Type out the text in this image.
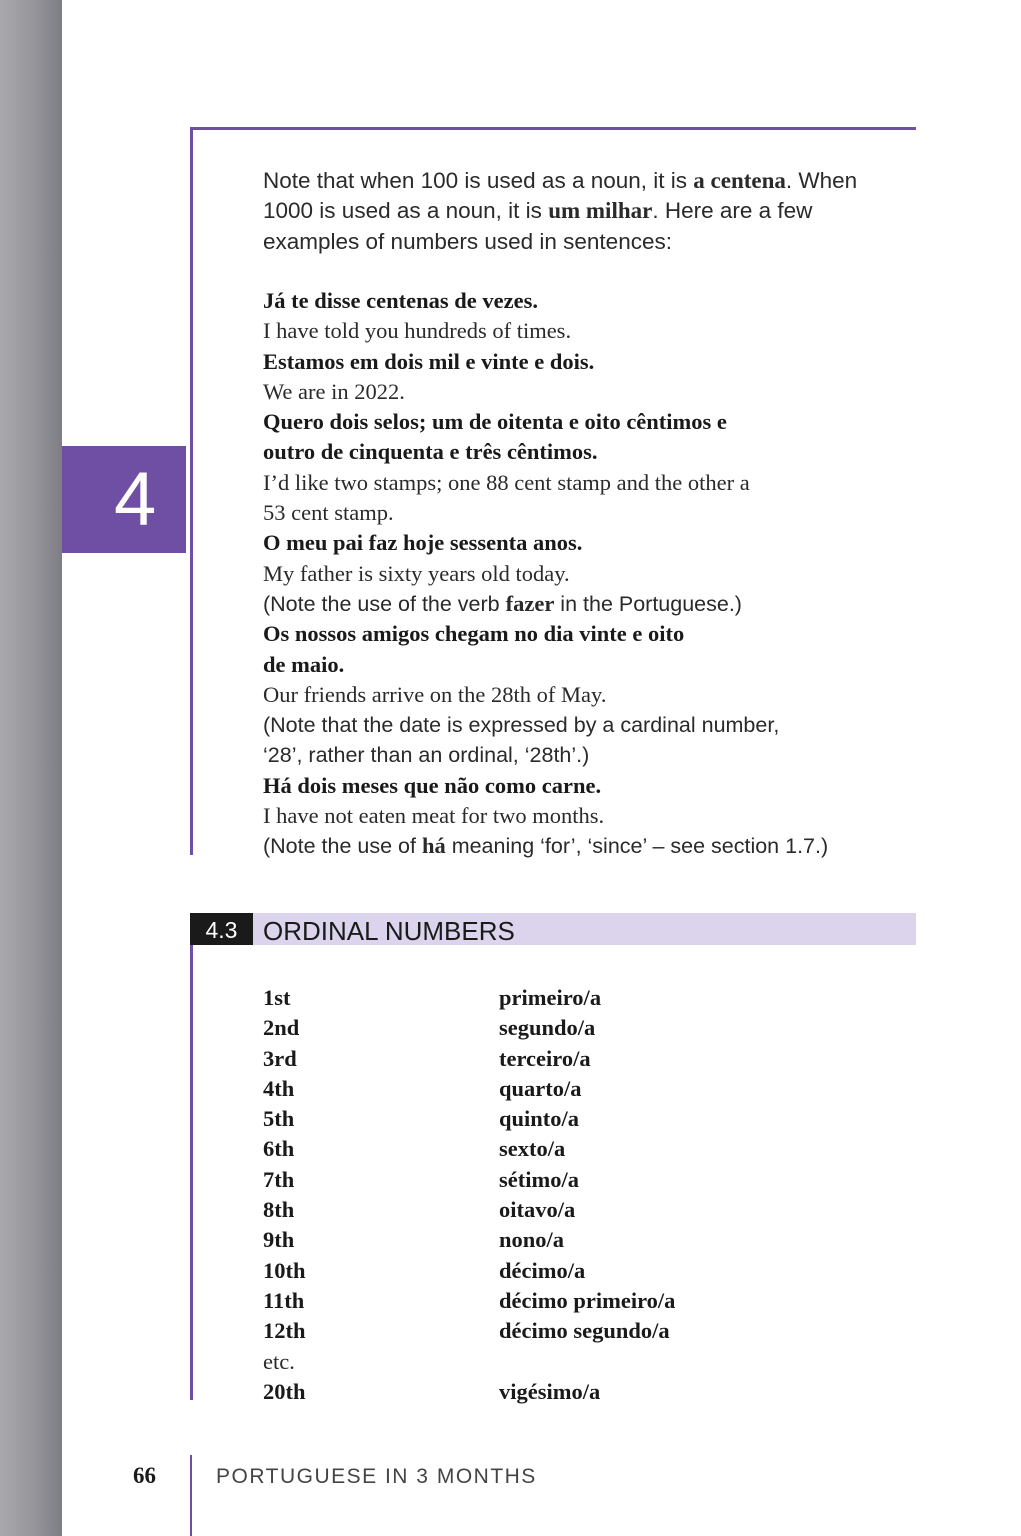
4

Note that when 100 is used as a noun, it is a centena. When 1000 is used as a noun, it is um milhar. Here are a few examples of numbers used in sentences:

Já te disse centenas de vezes.

I have told you hundreds of times.

Estamos em dois mil e vinte e dois.

We are in 2022.

Quero dois selos; um de oitenta e oito cêntimos e

outro de cinquenta e três cêntimos.

I’d like two stamps; one 88 cent stamp and the other a

53 cent stamp.

O meu pai faz hoje sessenta anos.

My father is sixty years old today.

(Note the use of the verb fazer in the Portuguese.)

Os nossos amigos chegam no dia vinte e oito

de maio.

Our friends arrive on the 28th of May.

(Note that the date is expressed by a cardinal number,

‘28’, rather than an ordinal, ‘28th’.)

Há dois meses que não como carne.

I have not eaten meat for two months.

(Note the use of há meaning ‘for’, ‘since’ – see section 1.7.)

4.3 ORDINAL NUMBERS
1st	primeiro/a
2nd	segundo/a
3rd	terceiro/a
4th	quarto/a
5th	quinto/a
6th	sexto/a
7th	sétimo/a
8th	oitavo/a
9th	nono/a
10th	décimo/a
11th	décimo primeiro/a
12th	décimo segundo/a
etc.
20th	vigésimo/a
66	PORTUGUESE IN 3 MONTHS
